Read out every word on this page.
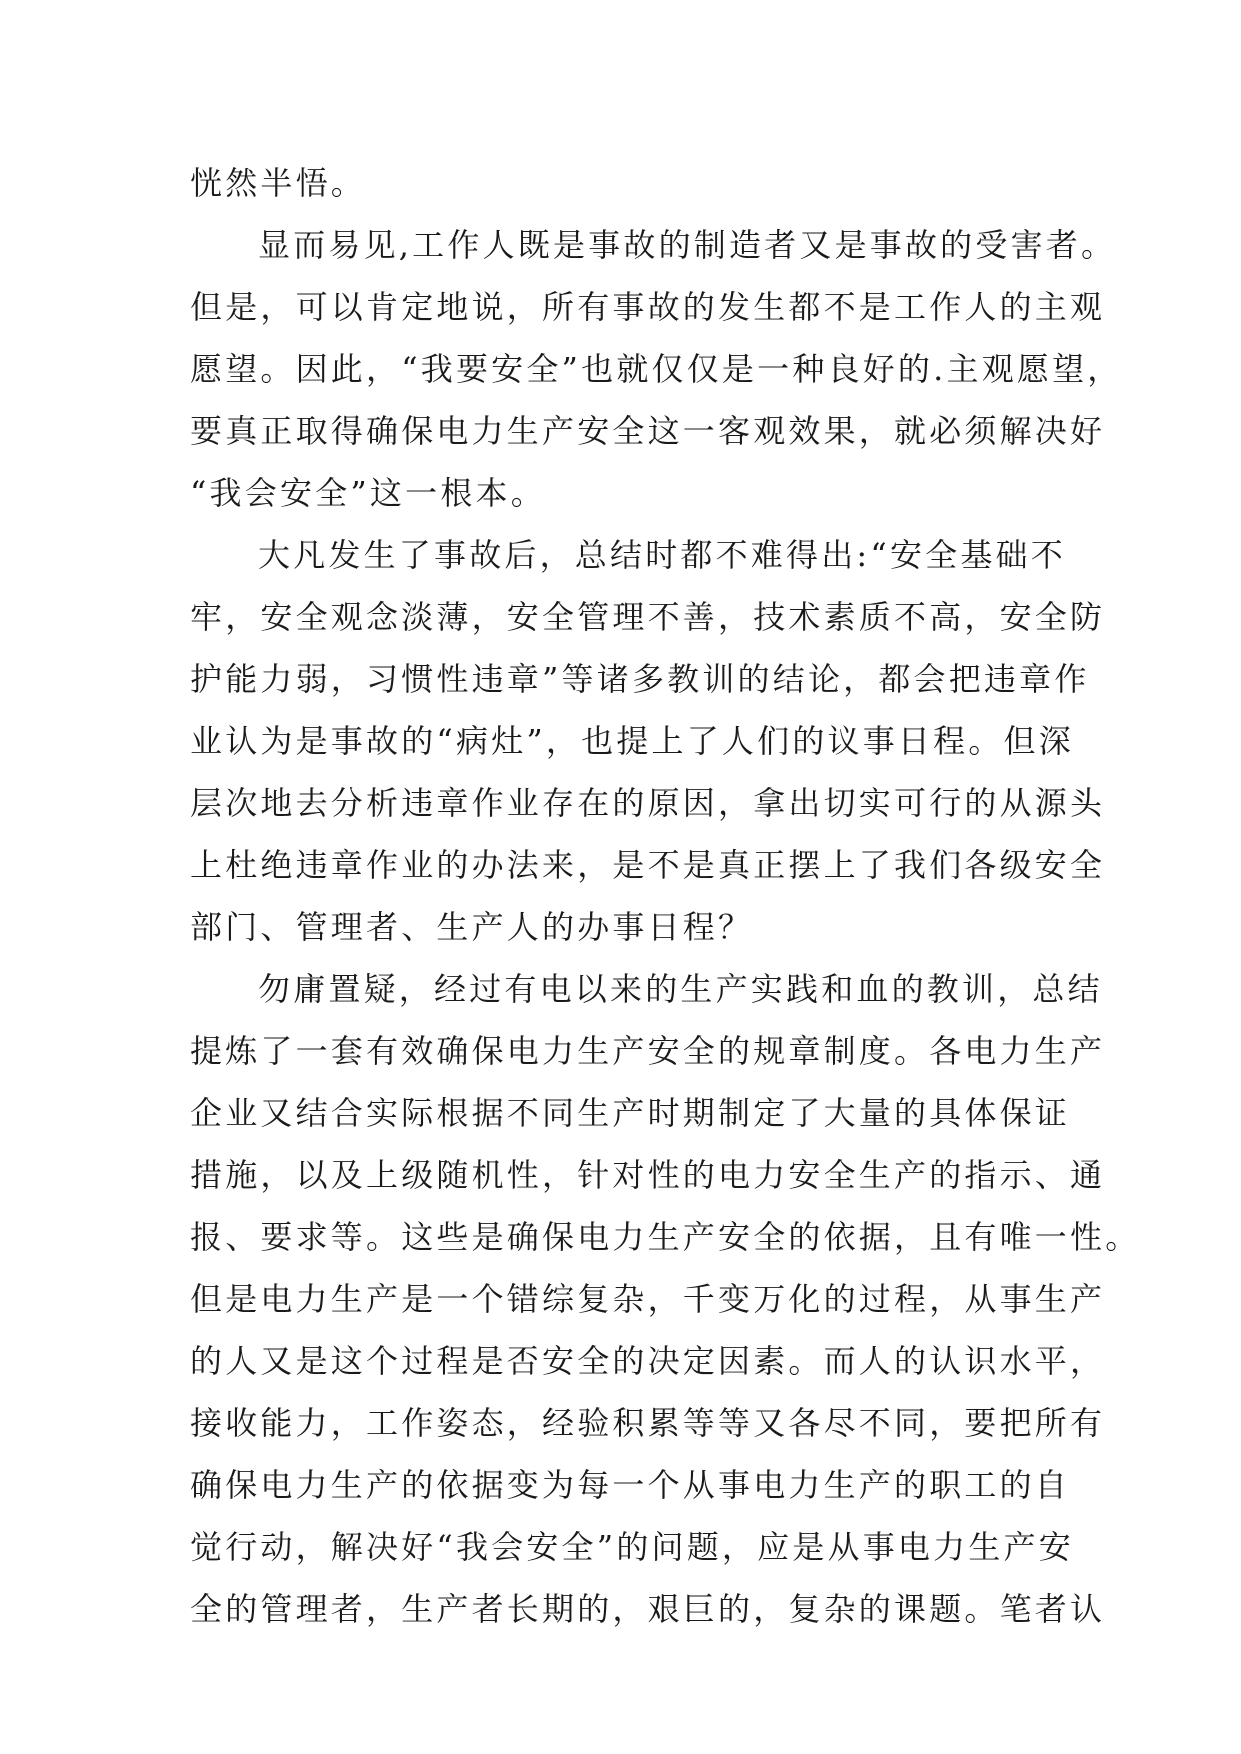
恍然半悟。
显而易见,工作人既是事故的制造者又是事故的受害者。
但是，可以肯定地说，所有事故的发生都不是工作人的主观
愿望。因此，“我要安全”也就仅仅是一种良好的.主观愿望，
要真正取得确保电力生产安全这一客观效果，就必须解决好
“我会安全”这一根本。
大凡发生了事故后，总结时都不难得出:“安全基础不
牢，安全观念淡薄，安全管理不善，技术素质不高，安全防
护能力弱，习惯性违章”等诸多教训的结论，都会把违章作
业认为是事故的“病灶”，也提上了人们的议事日程。但深
层次地去分析违章作业存在的原因，拿出切实可行的从源头
上杜绝违章作业的办法来，是不是真正摆上了我们各级安全
部门、管理者、生产人的办事日程？
勿庸置疑，经过有电以来的生产实践和血的教训，总结
提炼了一套有效确保电力生产安全的规章制度。各电力生产
企业又结合实际根据不同生产时期制定了大量的具体保证
措施，以及上级随机性，针对性的电力安全生产的指示、通
报、要求等。这些是确保电力生产安全的依据，且有唯一性。
但是电力生产是一个错综复杂，千变万化的过程，从事生产
的人又是这个过程是否安全的决定因素。而人的认识水平，
接收能力，工作姿态，经验积累等等又各尽不同，要把所有
确保电力生产的依据变为每一个从事电力生产的职工的自
觉行动，解决好“我会安全”的问题，应是从事电力生产安
全的管理者，生产者长期的，艰巨的，复杂的课题。笔者认
